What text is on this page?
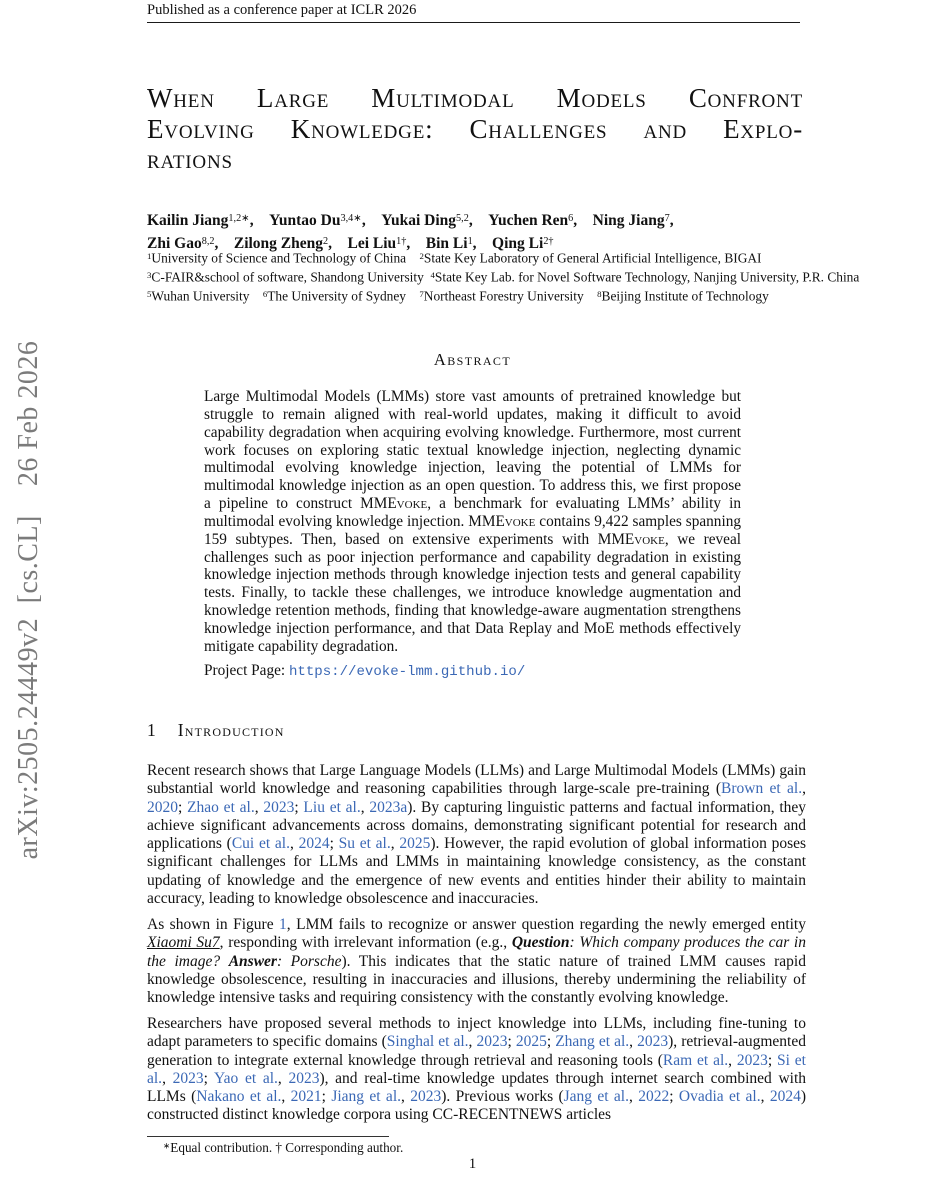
arXiv:2505.24449v2 [cs.CL]  26 Feb 2026
Published as a conference paper at ICLR 2026
When Large Multimodal Models Confront
Evolving Knowledge: Challenges and Explo-
rations
Kailin Jiang$^{1,2∗}$, Yuntao $Du^{3,4∗}$, Yukai Ding$^{5,2}$, Yuchen Ren$^6$, Ning Jiang$^7$,
Zhi Gao$^{8,2}$, Zilong Zheng$^2$, Lei Liu$^{1\dagger}$, Bin Li$^1$, Qing $Li^{2\dagger}$
$^1$University of Science and Technology of China  $^2$State Key Laboratory of General Artificial Intelligence, BIGAI
$^3$C-FAIR&school of software, Shandong University  $^4$State Key Lab. for Novel Software Technology, Nanjing University, P.R. China
$^5$Wuhan University  $^6$The University of Sydney  $^7$Northeast Forestry University  $^8$Beijing Institute of Technology
Abstract
Large Multimodal Models (LMMs) store vast amounts of pretrained knowledge but struggle to remain aligned with real-world updates, making it difficult to avoid capability degradation when acquiring evolving knowledge. Furthermore, most current work focuses on exploring static textual knowledge injection, neglecting dynamic multimodal evolving knowledge injection, leaving the potential of LMMs for multimodal knowledge injection as an open question. To address this, we first propose a pipeline to construct MMEvoke, a benchmark for evaluating LMMs’ ability in multimodal evolving knowledge injection. MMEvoke contains 9,422 samples spanning 159 subtypes. Then, based on extensive experiments with MMEvoke, we reveal challenges such as poor injection performance and capability degradation in existing knowledge injection methods through knowledge injection tests and general capability tests. Finally, to tackle these challenges, we introduce knowledge augmentation and knowledge retention methods, finding that knowledge-aware augmentation strengthens knowledge injection performance, and that Data Replay and MoE methods effectively mitigate capability degradation.
Project Page: https://evoke-lmm.github.io/
1 Introduction
Recent research shows that Large Language Models (LLMs) and Large Multimodal Models (LMMs) gain substantial world knowledge and reasoning capabilities through large-scale pre-training (Brown et al., 2020; Zhao et al., 2023; Liu et al., 2023a). By capturing linguistic patterns and factual information, they achieve significant advancements across domains, demonstrating significant potential for research and applications (Cui et al., 2024; Su et al., 2025). However, the rapid evolution of global information poses significant challenges for LLMs and LMMs in maintaining knowledge consistency, as the constant updating of knowledge and the emergence of new events and entities hinder their ability to maintain accuracy, leading to knowledge obsolescence and inaccuracies.
As shown in Figure 1, LMM fails to recognize or answer question regarding the newly emerged entity Xiaomi Su7, responding with irrelevant information (e.g., Question: Which company produces the car in the image? Answer: Porsche). This indicates that the static nature of trained LMM causes rapid knowledge obsolescence, resulting in inaccuracies and illusions, thereby undermining the reliability of knowledge intensive tasks and requiring consistency with the constantly evolving knowledge.
Researchers have proposed several methods to inject knowledge into LLMs, including fine-tuning to adapt parameters to specific domains (Singhal et al., 2023; 2025; Zhang et al., 2023), retrieval-augmented generation to integrate external knowledge through retrieval and reasoning tools (Ram et al., 2023; Si et al., 2023; Yao et al., 2023), and real-time knowledge updates through internet search combined with LLMs (Nakano et al., 2021; Jiang et al., 2023). Previous works (Jang et al., 2022; Ovadia et al., 2024) constructed distinct knowledge corpora using CC-RECENTNEWS articles
∗Equal contribution. † Corresponding author.
1
